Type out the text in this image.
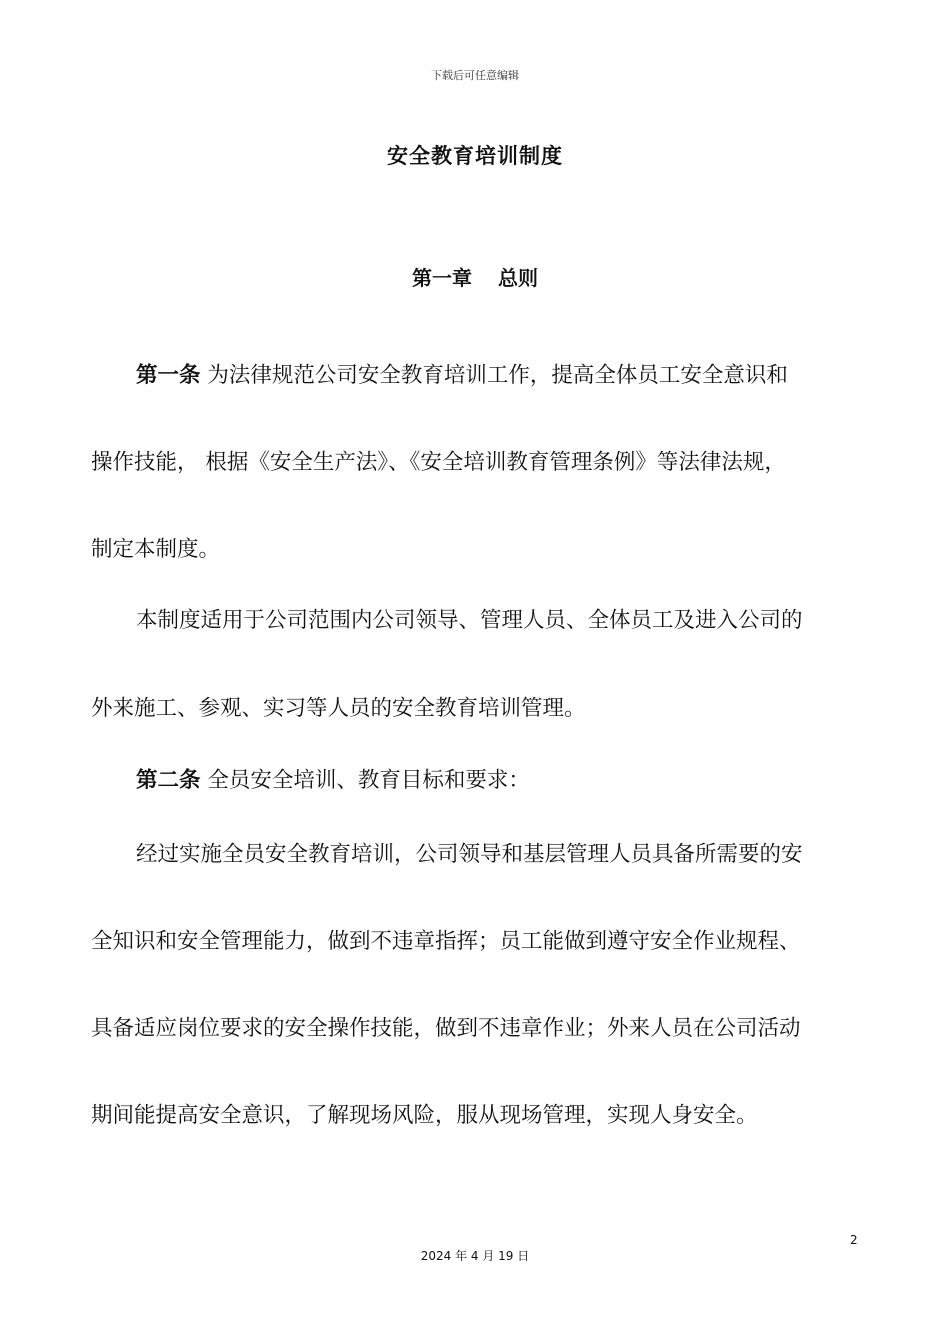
下载后可任意编辑
安全教育培训制度
第一章 总则
第一条 为法律规范公司安全教育培训工作，提高全体员工安全意识和
操作技能， 根据《安全生产法》、《安全培训教育管理条例》等法律法规，
制定本制度。
本制度适用于公司范围内公司领导、管理人员、全体员工及进入公司的
外来施工、参观、实习等人员的安全教育培训管理。
第二条 全员安全培训、教育目标和要求：
经过实施全员安全教育培训，公司领导和基层管理人员具备所需要的安
全知识和安全管理能力，做到不违章指挥；员工能做到遵守安全作业规程、
具备适应岗位要求的安全操作技能，做到不违章作业；外来人员在公司活动
期间能提高安全意识，了解现场风险，服从现场管理，实现人身安全。
2
2024 年 4 月 19 日
